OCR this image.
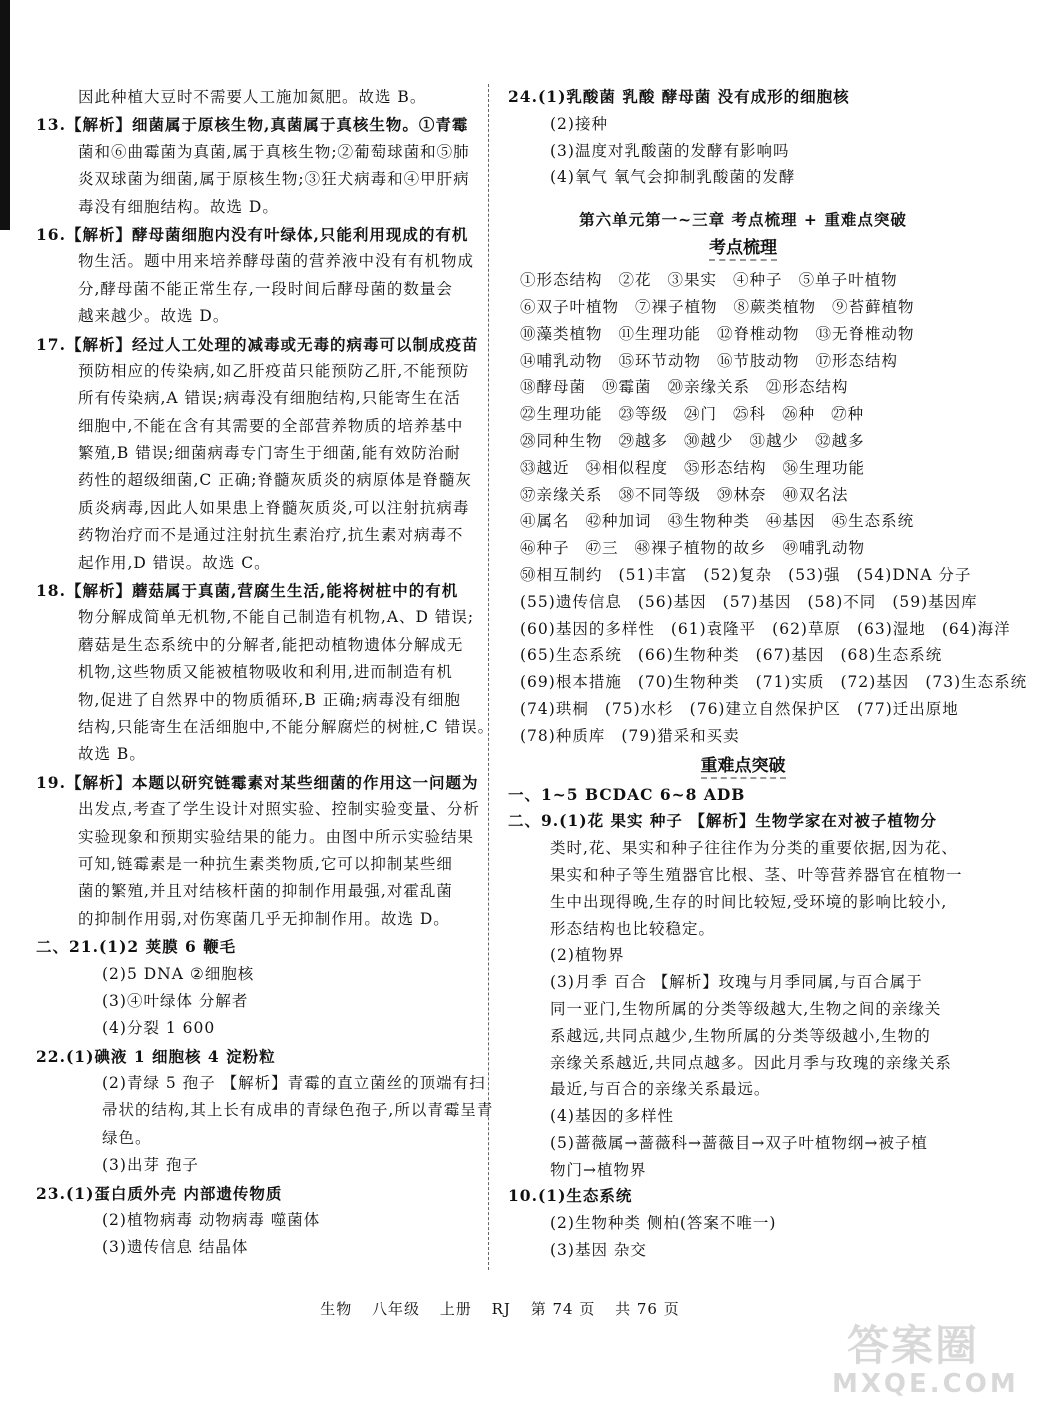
因此种植大豆时不需要人工施加氮肥。故选 B。
13.【解析】细菌属于原核生物,真菌属于真核生物。①青霉
菌和⑥曲霉菌为真菌,属于真核生物;②葡萄球菌和⑤肺
炎双球菌为细菌,属于原核生物;③狂犬病毒和④甲肝病
毒没有细胞结构。故选 D。
16.【解析】酵母菌细胞内没有叶绿体,只能利用现成的有机
物生活。题中用来培养酵母菌的营养液中没有有机物成
分,酵母菌不能正常生存,一段时间后酵母菌的数量会
越来越少。故选 D。
17.【解析】经过人工处理的减毒或无毒的病毒可以制成疫苗
预防相应的传染病,如乙肝疫苗只能预防乙肝,不能预防
所有传染病,A 错误;病毒没有细胞结构,只能寄生在活
细胞中,不能在含有其需要的全部营养物质的培养基中
繁殖,B 错误;细菌病毒专门寄生于细菌,能有效防治耐
药性的超级细菌,C 正确;脊髓灰质炎的病原体是脊髓灰
质炎病毒,因此人如果患上脊髓灰质炎,可以注射抗病毒
药物治疗而不是通过注射抗生素治疗,抗生素对病毒不
起作用,D 错误。故选 C。
18.【解析】蘑菇属于真菌,营腐生生活,能将树桩中的有机
物分解成简单无机物,不能自己制造有机物,A、D 错误;
蘑菇是生态系统中的分解者,能把动植物遗体分解成无
机物,这些物质又能被植物吸收和利用,进而制造有机
物,促进了自然界中的物质循环,B 正确;病毒没有细胞
结构,只能寄生在活细胞中,不能分解腐烂的树桩,C 错误。
故选 B。
19.【解析】本题以研究链霉素对某些细菌的作用这一问题为
出发点,考查了学生设计对照实验、控制实验变量、分析
实验现象和预期实验结果的能力。由图中所示实验结果
可知,链霉素是一种抗生素类物质,它可以抑制某些细
菌的繁殖,并且对结核杆菌的抑制作用最强,对霍乱菌
的抑制作用弱,对伤寒菌几乎无抑制作用。故选 D。
二、21.(1)2 荚膜 6 鞭毛
(2)5 DNA ②细胞核
(3)④叶绿体 分解者
(4)分裂 1 600
22.(1)碘液 1 细胞核 4 淀粉粒
(2)青绿 5 孢子 【解析】青霉的直立菌丝的顶端有扫
帚状的结构,其上长有成串的青绿色孢子,所以青霉呈青
绿色。
(3)出芽 孢子
23.(1)蛋白质外壳 内部遗传物质
(2)植物病毒 动物病毒 噬菌体
(3)遗传信息 结晶体
24.(1)乳酸菌 乳酸 酵母菌 没有成形的细胞核
(2)接种
(3)温度对乳酸菌的发酵有影响吗
(4)氧气 氧气会抑制乳酸菌的发酵
第六单元第一~三章 考点梳理 + 重难点突破
考点梳理
①形态结构 ②花 ③果实 ④种子 ⑤单子叶植物
⑥双子叶植物 ⑦裸子植物 ⑧蕨类植物 ⑨苔藓植物
⑩藻类植物 ⑪生理功能 ⑫脊椎动物 ⑬无脊椎动物
⑭哺乳动物 ⑮环节动物 ⑯节肢动物 ⑰形态结构
⑱酵母菌 ⑲霉菌 ⑳亲缘关系 ㉑形态结构
㉒生理功能 ㉓等级 ㉔门 ㉕科 ㉖种 ㉗种
㉘同种生物 ㉙越多 ㉚越少 ㉛越少 ㉜越多
㉝越近 ㉞相似程度 ㉟形态结构 ㊱生理功能
㊲亲缘关系 ㊳不同等级 ㊴林奈 ㊵双名法
㊶属名 ㊷种加词 ㊸生物种类 ㊹基因 ㊺生态系统
㊻种子 ㊼三 ㊽裸子植物的故乡 ㊾哺乳动物
㊿相互制约 (51)丰富 (52)复杂 (53)强 (54)DNA 分子
(55)遗传信息 (56)基因 (57)基因 (58)不同 (59)基因库
(60)基因的多样性 (61)袁隆平 (62)草原 (63)湿地 (64)海洋
(65)生态系统 (66)生物种类 (67)基因 (68)生态系统
(69)根本措施 (70)生物种类 (71)实质 (72)基因 (73)生态系统
(74)珙桐 (75)水杉 (76)建立自然保护区 (77)迁出原地
(78)种质库 (79)猎采和买卖
重难点突破
一、1~5 BCDAC 6~8 ADB
二、9.(1)花 果实 种子 【解析】生物学家在对被子植物分
类时,花、果实和种子往往作为分类的重要依据,因为花、
果实和种子等生殖器官比根、茎、叶等营养器官在植物一
生中出现得晚,生存的时间比较短,受环境的影响比较小,
形态结构也比较稳定。
(2)植物界
(3)月季 百合 【解析】玫瑰与月季同属,与百合属于
同一亚门,生物所属的分类等级越大,生物之间的亲缘关
系越远,共同点越少,生物所属的分类等级越小,生物的
亲缘关系越近,共同点越多。因此月季与玫瑰的亲缘关系
最近,与百合的亲缘关系最远。
(4)基因的多样性
(5)蔷薇属→蔷薇科→蔷薇目→双子叶植物纲→被子植
物门→植物界
10.(1)生态系统
(2)生物种类 侧柏(答案不唯一)
(3)基因 杂交
生物 八年级 上册 RJ 第 74 页 共 76 页
答案圈
MXQE.COM
